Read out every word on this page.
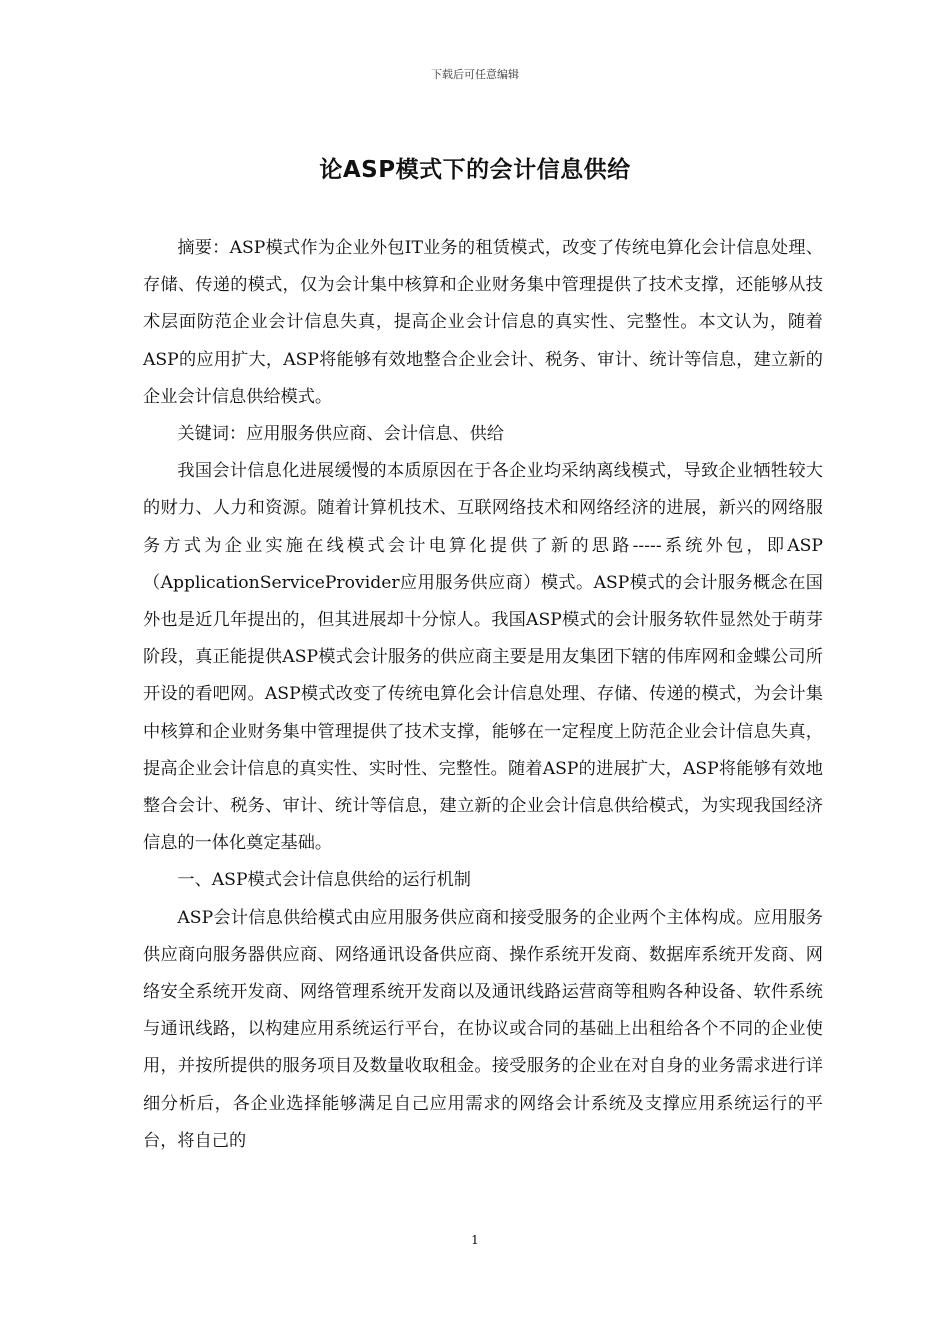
下载后可任意编辑
论ASP模式下的会计信息供给

摘要：ASP模式作为企业外包IT业务的租赁模式，改变了传统电算化会计信息处理、存储、传递的模式，仅为会计集中核算和企业财务集中管理提供了技术支撑，还能够从技术层面防范企业会计信息失真，提高企业会计信息的真实性、完整性。本文认为，随着ASP的应用扩大，ASP将能够有效地整合企业会计、税务、审计、统计等信息，建立新的企业会计信息供给模式。

关键词：应用服务供应商、会计信息、供给

我国会计信息化进展缓慢的本质原因在于各企业均采纳离线模式，导致企业牺牲较大的财力、人力和资源。随着计算机技术、互联网络技术和网络经济的进展，新兴的网络服务方式为企业实施在线模式会计电算化提供了新的思路-----系统外包，即ASP（ApplicationServiceProvider应用服务供应商）模式。ASP模式的会计服务概念在国外也是近几年提出的，但其进展却十分惊人。我国ASP模式的会计服务软件显然处于萌芽阶段，真正能提供ASP模式会计服务的供应商主要是用友集团下辖的伟库网和金蝶公司所开设的看吧网。ASP模式改变了传统电算化会计信息处理、存储、传递的模式，为会计集中核算和企业财务集中管理提供了技术支撑，能够在一定程度上防范企业会计信息失真，提高企业会计信息的真实性、实时性、完整性。随着ASP的进展扩大，ASP将能够有效地整合会计、税务、审计、统计等信息，建立新的企业会计信息供给模式，为实现我国经济信息的一体化奠定基础。

一、ASP模式会计信息供给的运行机制

ASP会计信息供给模式由应用服务供应商和接受服务的企业两个主体构成。应用服务供应商向服务器供应商、网络通讯设备供应商、操作系统开发商、数据库系统开发商、网络安全系统开发商、网络管理系统开发商以及通讯线路运营商等租购各种设备、软件系统与通讯线路，以构建应用系统运行平台，在协议或合同的基础上出租给各个不同的企业使用，并按所提供的服务项目及数量收取租金。接受服务的企业在对自身的业务需求进行详细分析后，各企业选择能够满足自己应用需求的网络会计系统及支撑应用系统运行的平台，将自己的

1
